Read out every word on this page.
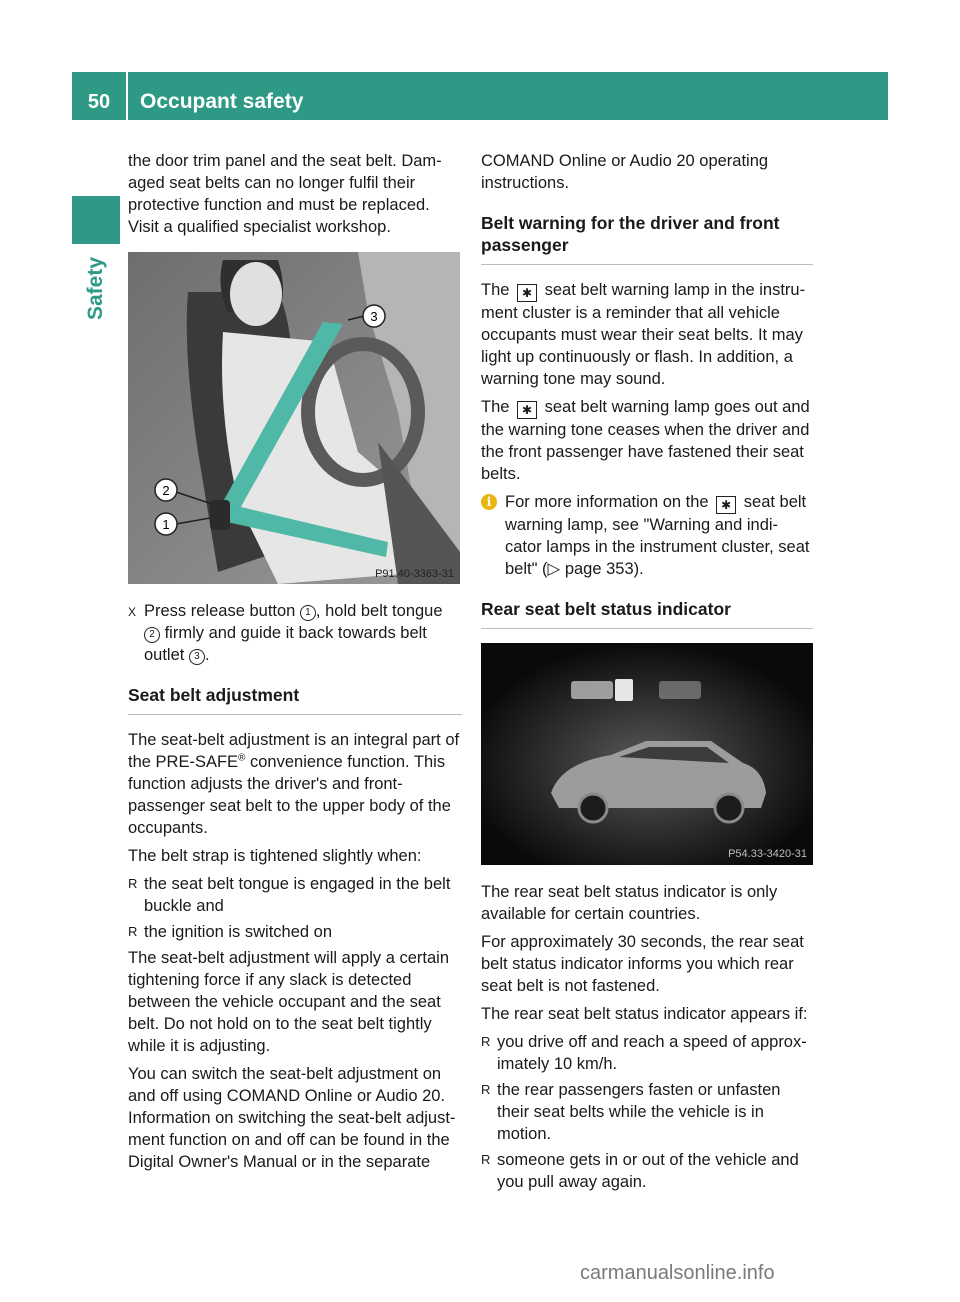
50	Occupant safety
Safety

the door trim panel and the seat belt. Dam- aged seat belts can no longer fulfil their protective function and must be replaced. Visit a qualified specialist workshop.

3
2
1
P91.40-3363-31
X Press release button 1 , hold belt tongue 2 firmly and guide it back towards belt outlet 3 .
Seat belt adjustment

The seat-belt adjustment is an integral part of the PRE-SAFE® convenience function. This function adjusts the driver's and front- passenger seat belt to the upper body of the occupants.

The belt strap is tightened slightly when:

R the seat belt tongue is engaged in the belt buckle and
R the ignition is switched on

The seat-belt adjustment will apply a certain tightening force if any slack is detected between the vehicle occupant and the seat belt. Do not hold on to the seat belt tightly while it is adjusting.

You can switch the seat-belt adjustment on and off using COMAND Online or Audio 20. Information on switching the seat-belt adjust- ment function on and off can be found in the Digital Owner's Manual or in the separate

COMAND Online or Audio 20 operating instructions.

Belt warning for the driver and front passenger

The ✱ seat belt warning lamp in the instru- ment cluster is a reminder that all vehicle occupants must wear their seat belts. It may light up continuously or flash. In addition, a warning tone may sound.

The ✱ seat belt warning lamp goes out and the warning tone ceases when the driver and the front passenger have fastened their seat belts.

i For more information on the ✱ seat belt warning lamp, see "Warning and indi- cator lamps in the instrument cluster, seat belt" (▷ page 353).

Rear seat belt status indicator
P54.33-3420-31

The rear seat belt status indicator is only available for certain countries.

For approximately 30 seconds, the rear seat belt status indicator informs you which rear seat belt is not fastened.

The rear seat belt status indicator appears if:

R you drive off and reach a speed of approx- imately 10 km/h.
R the rear passengers fasten or unfasten their seat belts while the vehicle is in motion.
R someone gets in or out of the vehicle and you pull away again.
carmanualsonline.info
